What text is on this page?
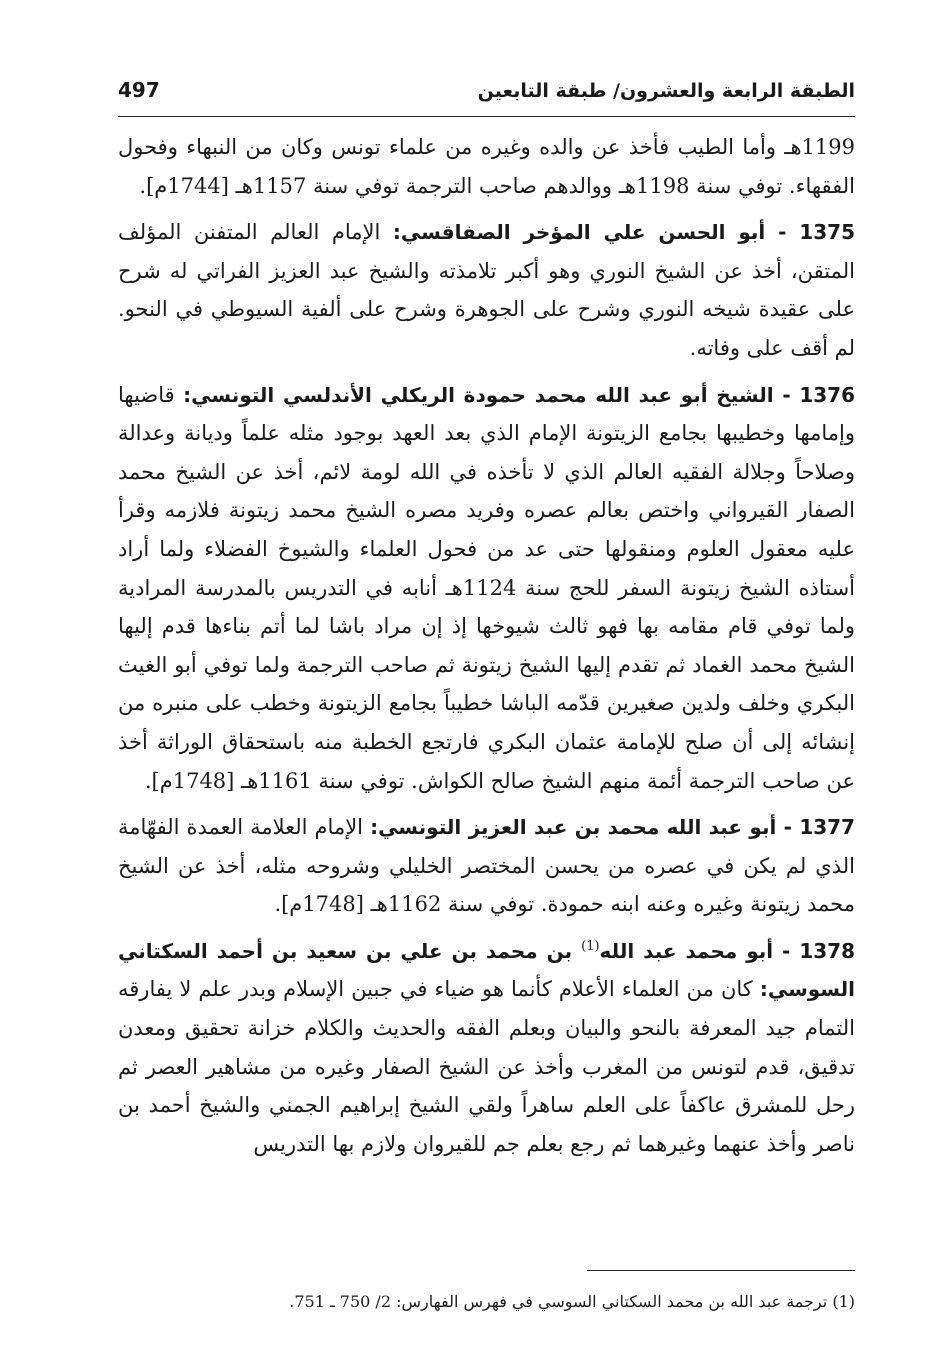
الطبقة الرابعة والعشرون/ طبقة التابعين
497

1199هـ وأما الطيب فأخذ عن والده وغيره من علماء تونس وكان من النبهاء وفحول الفقهاء. توفي سنة 1198هـ ووالدهم صاحب الترجمة توفي سنة 1157هـ [1744م].

1375 - أبو الحسن علي المؤخر الصفاقسي: الإمام العالم المتفنن المؤلف المتقن، أخذ عن الشيخ النوري وهو أكبر تلامذته والشيخ عبد العزيز الفراتي له شرح على عقيدة شيخه النوري وشرح على الجوهرة وشرح على ألفية السيوطي في النحو. لم أقف على وفاته.

1376 - الشيخ أبو عبد الله محمد حمودة الريكلي الأندلسي التونسي: قاضيها وإمامها وخطيبها بجامع الزيتونة الإمام الذي بعد العهد بوجود مثله علماً وديانة وعدالة وصلاحاً وجلالة الفقيه العالم الذي لا تأخذه في الله لومة لائم، أخذ عن الشيخ محمد الصفار القيرواني واختص بعالم عصره وفريد مصره الشيخ محمد زيتونة فلازمه وقرأ عليه معقول العلوم ومنقولها حتى عد من فحول العلماء والشيوخ الفضلاء ولما أراد أستاذه الشيخ زيتونة السفر للحج سنة 1124هـ أنابه في التدريس بالمدرسة المرادية ولما توفي قام مقامه بها فهو ثالث شيوخها إذ إن مراد باشا لما أتم بناءها قدم إليها الشيخ محمد الغماد ثم تقدم إليها الشيخ زيتونة ثم صاحب الترجمة ولما توفي أبو الغيث البكري وخلف ولدين صغيرين قدّمه الباشا خطيباً بجامع الزيتونة وخطب على منبره من إنشائه إلى أن صلح للإمامة عثمان البكري فارتجع الخطبة منه باستحقاق الوراثة أخذ عن صاحب الترجمة أئمة منهم الشيخ صالح الكواش. توفي سنة 1161هـ [1748م].

1377 - أبو عبد الله محمد بن عبد العزيز التونسي: الإمام العلامة العمدة الفهّامة الذي لم يكن في عصره من يحسن المختصر الخليلي وشروحه مثله، أخذ عن الشيخ محمد زيتونة وغيره وعنه ابنه حمودة. توفي سنة 1162هـ [1748م].

1378 - أبو محمد عبد الله$^{(1)}$ بن محمد بن علي بن سعيد بن أحمد السكتاني السوسي: كان من العلماء الأعلام كأنما هو ضياء في جبين الإسلام وبدر علم لا يفارقه التمام جيد المعرفة بالنحو والبيان وبعلم الفقه والحديث والكلام خزانة تحقيق ومعدن تدقيق، قدم لتونس من المغرب وأخذ عن الشيخ الصفار وغيره من مشاهير العصر ثم رحل للمشرق عاكفاً على العلم ساهراً ولقي الشيخ إبراهيم الجمني والشيخ أحمد بن ناصر وأخذ عنهما وغيرهما ثم رجع بعلم جم للقيروان ولازم بها التدريس

(1) ترجمة عبد الله بن محمد السكتاني السوسي في فهرس الفهارس: 2/ 750 ـ 751.
